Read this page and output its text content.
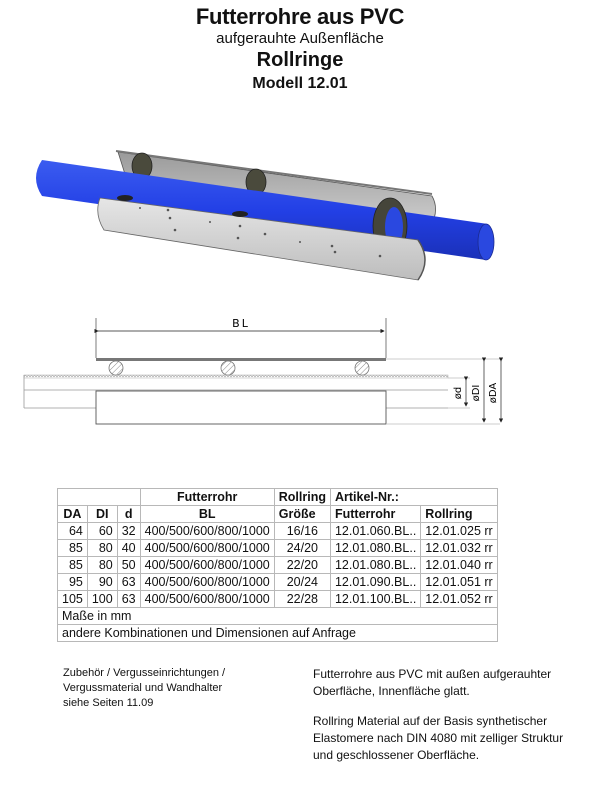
Futterrohre aus PVC
aufgerauhte Außenfläche
Rollringe
Modell 12.01
BL
ød øDI øDA
			Futterrohr	Rollring	Artikel-Nr.:	
DA	DI	d	BL	Größe	Futterrohr	Rollring
64	60	32	400/500/600/800/1000	16/16	12.01.060.BL..	12.01.025 rr
85	80	40	400/500/600/800/1000	24/20	12.01.080.BL..	12.01.032 rr
85	80	50	400/500/600/800/1000	22/20	12.01.080.BL..	12.01.040 rr
95	90	63	400/500/600/800/1000	20/24	12.01.090.BL..	12.01.051 rr
105	100	63	400/500/600/800/1000	22/28	12.01.100.BL..	12.01.052 rr
Maße in mm						
andere Kombinationen und Dimensionen auf Anfrage						
Zubehör / Vergusseinrichtungen /
Vergussmaterial und Wandhalter
siehe Seiten 11.09
Futterrohre aus PVC mit außen aufgerauhter
Oberfläche, Innenfläche glatt.
Rollring Material auf der Basis synthetischer
Elastomere nach DIN 4080 mit zelliger Struktur
und geschlossener Oberfläche.
